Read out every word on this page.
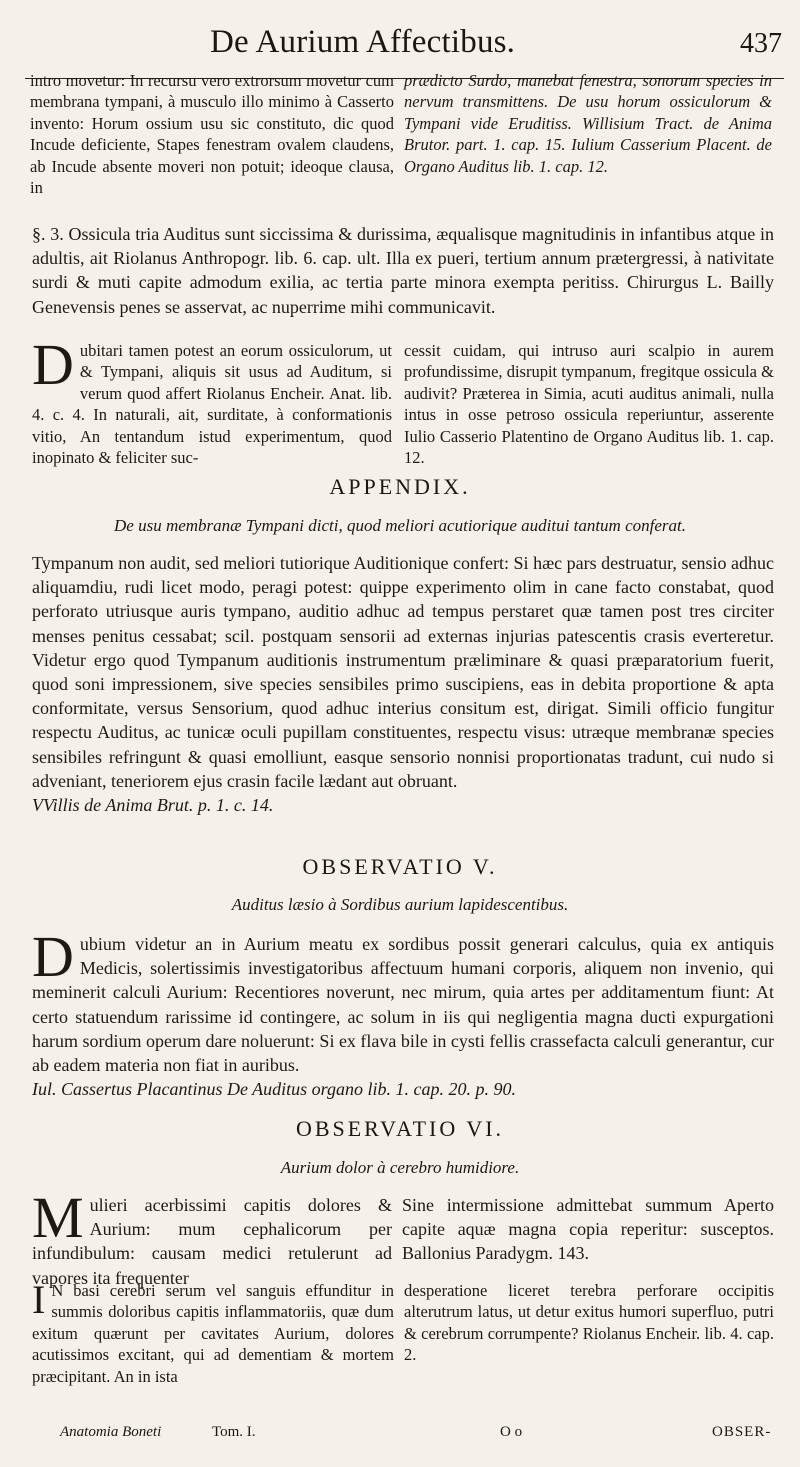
De Aurium Affectibus.	437

intro movetur: In recursu vero extrorsum movetur cum membrana tympani, à musculo illo minimo à Casserto invento: Horum ossium usu sic constituto, dic quod Incude deficiente, Stapes fenestram ovalem claudens, ab Incude absente moveri non potuit; ideoque clausa, in

prædicto Surdo, manebat fenestra, sonorum species in nervum transmittens. De usu horum ossiculorum & Tympani vide Eruditiss. Willisium Tract. de Anima Brutor. part. 1. cap. 15. Iulium Casserium Placent. de Organo Auditus lib. 1. cap. 12.

§. 3. Ossicula tria Auditus sunt siccissima & durissima, æqualisque magnitudinis in infantibus atque in adultis, ait Riolanus Anthropogr. lib. 6. cap. ult. Illa ex pueri, tertium annum prætergressi, à nativitate surdi & muti capite admodum exilia, ac tertia parte minora exempta peritiss. Chirurgus L. Bailly Genevensis penes se asservat, ac nuperrime mihi communicavit.

D ubitari tamen potest an eorum ossiculorum, ut & Tympani, aliquis sit usus ad Auditum, si verum quod affert Riolanus Encheir. Anat. lib. 4. c. 4. In naturali, ait, surditate, à conformationis vitio, An tentandum istud experimentum, quod inopinato & feliciter suc-

cessit cuidam, qui intruso auri scalpio in aurem profundissime, disrupit tympanum, fregitque ossicula & audivit? Præterea in Simia, acuti auditus animali, nulla intus in osse petroso ossicula reperiuntur, asserente Iulio Casserio Platentino de Organo Auditus lib. 1. cap. 12.

APPENDIX.
De usu membranæ Tympani dicti, quod meliori acutiorique auditui tantum conferat.

Tympanum non audit, sed meliori tutiorique Auditionique confert: Si hæc pars destruatur, sensio adhuc aliquamdiu, rudi licet modo, peragi potest: quippe experimento olim in cane facto constabat, quod perforato utriusque auris tympano, auditio adhuc ad tempus perstaret quæ tamen post tres circiter menses penitus cessabat; scil. postquam sensorii ad externas injurias patescentis crasis everteretur. Videtur ergo quod Tympanum auditionis instrumentum præliminare & quasi præparatorium fuerit, quod soni impressionem, sive species sensibiles primo suscipiens, eas in debita proportione & apta conformitate, versus Sensorium, quod adhuc interius consitum est, dirigat. Simili officio fungitur respectu Auditus, ac tunicæ oculi pupillam constituentes, respectu visus: utræque membranæ species sensibiles refringunt & quasi emolliunt, easque sensorio nonnisi proportionatas tradunt, cui nudo si adveniant, teneriorem ejus crasin facile lædant aut obruant.

VVillis de Anima Brut. p. 1. c. 14.

OBSERVATIO V.
Auditus læsio à Sordibus aurium lapidescentibus.
D ubium videtur an in Aurium meatu ex sordibus possit generari calculus, quia ex antiquis Medicis, solertissimis investigatoribus affectuum humani corporis, aliquem non invenio, qui meminerit calculi Aurium: Recentiores noverunt, nec mirum, quia artes per additamentum fiunt: At certo statuendum rarissime id contingere, ac solum in iis qui negligentia magna ducti expurgationi harum sordium operum dare noluerunt: Si ex flava bile in cysti fellis crassefacta calculi generantur, cur ab eadem materia non fiat in auribus.

Iul. Cassertus Placantinus De Auditus organo lib. 1. cap. 20. p. 90.

OBSERVATIO VI.
Aurium dolor à cerebro humidiore.
M ulieri acerbissimi capitis dolores & Aurium: mum cephalicorum per infundibulum: causam medici retulerunt ad vapores ita frequenter

Sine intermissione admittebat summum Aperto capite aquæ magna copia reperitur: susceptos. Ballonius Paradygm. 143.

I N basi cerebri serum vel sanguis effunditur in summis doloribus capitis inflammatoriis, quæ dum exitum quærunt per cavitates Aurium, dolores acutissimos excitant, qui ad dementiam & mortem præcipitant. An in ista

desperatione liceret terebra perforare occipitis alterutrum latus, ut detur exitus humori superfluo, putri & cerebrum corrumpente? Riolanus Encheir. lib. 4. cap. 2.

Anatomia Boneti	Tom. I.	O o	OBSER-
